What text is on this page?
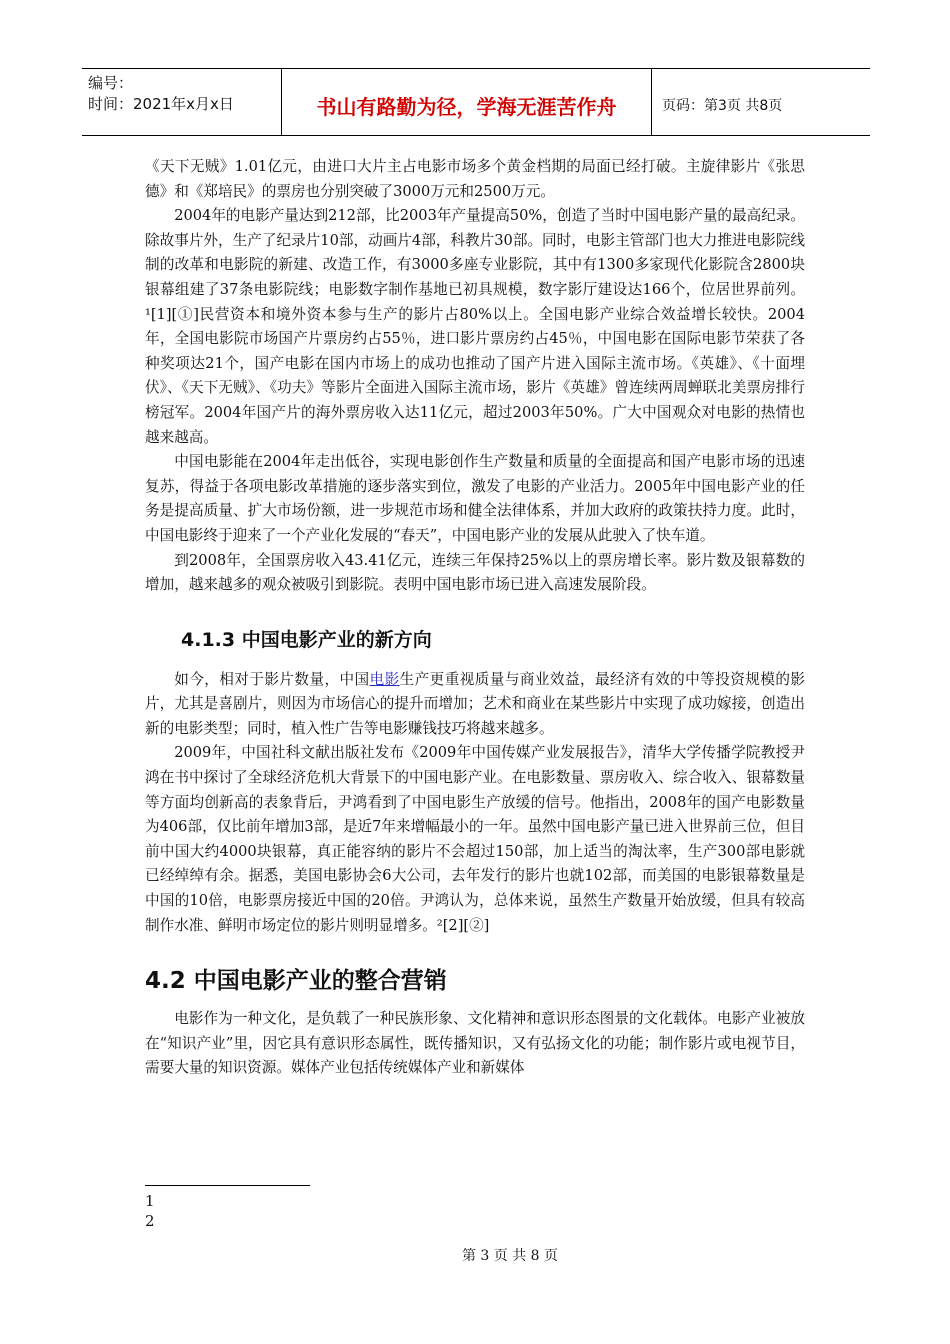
编号：
时间：2021年x月x日	书山有路勤为径，学海无涯苦作舟	页码：第3页 共8页

《天下无贼》1.01亿元，由进口大片主占电影市场多个黄金档期的局面已经打破。主旋律影片《张思德》和《郑培民》的票房也分别突破了3000万元和2500万元。

2004年的电影产量达到212部，比2003年产量提高50%，创造了当时中国电影产量的最高纪录。除故事片外，生产了纪录片10部，动画片4部，科教片30部。同时，电影主管部门也大力推进电影院线制的改革和电影院的新建、改造工作，有3000多座专业影院，其中有1300多家现代化影院含2800块银幕组建了37条电影院线；电影数字制作基地已初具规模，数字影厅建设达166个，位居世界前列。¹[1][①]民营资本和境外资本参与生产的影片占80%以上。全国电影产业综合效益增长较快。2004年，全国电影院市场国产片票房约占55％，进口影片票房约占45％，中国电影在国际电影节荣获了各种奖项达21个，国产电影在国内市场上的成功也推动了国产片进入国际主流市场。《英雄》、《十面埋伏》、《天下无贼》、《功夫》等影片全面进入国际主流市场，影片《英雄》曾连续两周蝉联北美票房排行榜冠军。2004年国产片的海外票房收入达11亿元，超过2003年50%。广大中国观众对电影的热情也越来越高。

中国电影能在2004年走出低谷，实现电影创作生产数量和质量的全面提高和国产电影市场的迅速复苏，得益于各项电影改革措施的逐步落实到位，激发了电影的产业活力。2005年中国电影产业的任务是提高质量、扩大市场份额，进一步规范市场和健全法律体系，并加大政府的政策扶持力度。此时，中国电影终于迎来了一个产业化发展的“春天”，中国电影产业的发展从此驶入了快车道。

到2008年，全国票房收入43.41亿元，连续三年保持25%以上的票房增长率。影片数及银幕数的增加，越来越多的观众被吸引到影院。表明中国电影市场已进入高速发展阶段。

4.1.3 中国电影产业的新方向

如今，相对于影片数量，中国电影生产更重视质量与商业效益，最经济有效的中等投资规模的影片，尤其是喜剧片，则因为市场信心的提升而增加；艺术和商业在某些影片中实现了成功嫁接，创造出新的电影类型；同时，植入性广告等电影赚钱技巧将越来越多。

2009年，中国社科文献出版社发布《2009年中国传媒产业发展报告》，清华大学传播学院教授尹鸿在书中探讨了全球经济危机大背景下的中国电影产业。在电影数量、票房收入、综合收入、银幕数量等方面均创新高的表象背后，尹鸿看到了中国电影生产放缓的信号。他指出，2008年的国产电影数量为406部，仅比前年增加3部，是近7年来增幅最小的一年。虽然中国电影产量已进入世界前三位，但目前中国大约4000块银幕，真正能容纳的影片不会超过150部，加上适当的淘汰率，生产300部电影就已经绰绰有余。据悉，美国电影协会6大公司，去年发行的影片也就102部，而美国的电影银幕数量是中国的10倍，电影票房接近中国的20倍。尹鸿认为，总体来说，虽然生产数量开始放缓，但具有较高制作水准、鲜明市场定位的影片则明显增多。²[2][②]

4.2 中国电影产业的整合营销

电影作为一种文化，是负载了一种民族形象、文化精神和意识形态图景的文化载体。电影产业被放在“知识产业”里，因它具有意识形态属性，既传播知识，又有弘扬文化的功能；制作影片或电视节目，需要大量的知识资源。媒体产业包括传统媒体产业和新媒体

1
2
第 3 页 共 8 页
